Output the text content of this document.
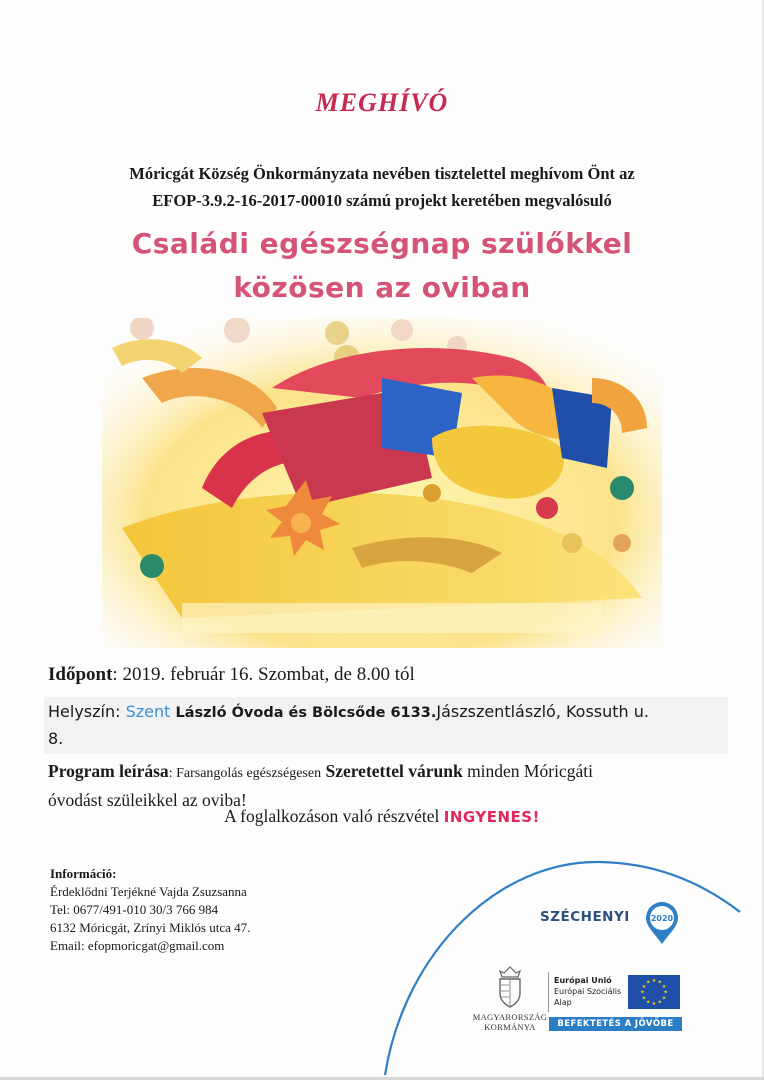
MEGHÍVÓ
Móricgát Község Önkormányzata nevében tisztelettel meghívom Önt az
EFOP-3.9.2-16-2017-00010 számú projekt keretében megvalósuló
Családi egészségnap szülőkkel
közösen az oviban
Időpont: 2019. február 16. Szombat, de 8.00 tól
Helyszín: Szent László Óvoda és Bölcsőde 6133.Jászszentlászló, Kossuth u.
8.
Program leírása: Farsangolás egészségesen Szeretettel várunk minden Móricgáti
óvodást szüleikkel az oviba!
A foglalkozáson való részvétel INGYENES!
Információ:
Érdeklődni Terjékné Vajda Zsuzsanna
Tel: 0677/491-010 30/3 766 984
6132 Móricgát, Zrínyi Miklós utca 47.
Email: efopmoricgat@gmail.com
SZÉCHENYI	2020
MAGYARORSZÁG
KORMÁNYA
Európai Unió
Európai Szociális
Alap
★ ★
★
★
★
★
★
★
★
★
★
★
BEFEKTETÉS A JÖVŐBE
